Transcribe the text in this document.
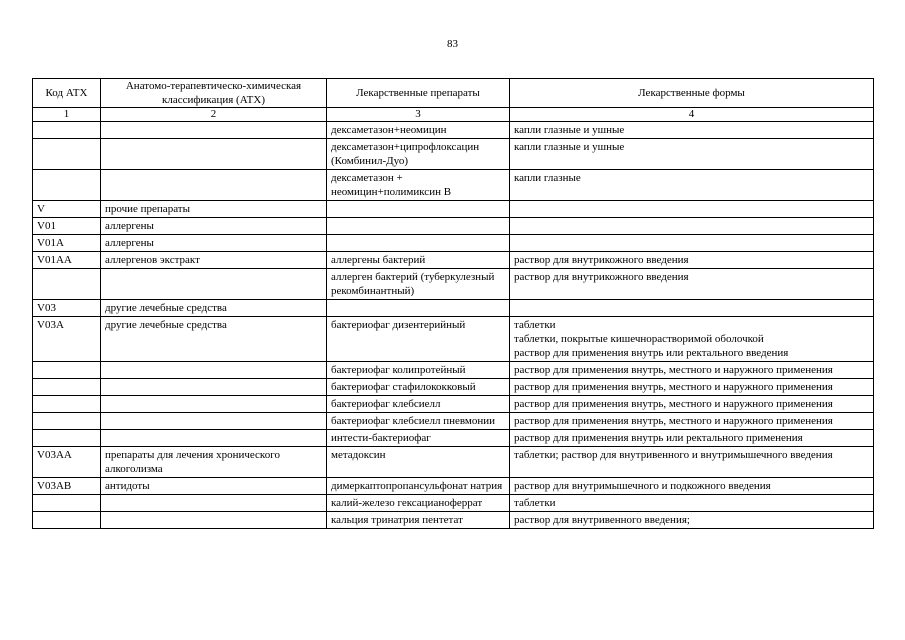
83
Код АТХ	Анатомо-терапевтическо-химическая классификация (АТХ)	Лекарственные препараты	Лекарственные формы
1	2	3	4
		дексаметазон+неомицин	капли глазные и ушные

		дексаметазон+ципрофлоксацин (Комбинил-Дуо)	капли глазные и ушные

		дексаметазон + неомицин+полимиксин В	капли глазные

V	прочие препараты		

V01	аллергены		

V01A	аллергены		

V01AA	аллергенов экстракт	аллергены бактерий	раствор для внутрикожного введения

		аллерген бактерий (туберкулезный рекомбинантный)	раствор для внутрикожного введения

V03	другие лечебные средства		

V03A	другие лечебные средства	бактериофаг дизентерийный	таблетки
таблетки, покрытые кишечнорастворимой оболочкой
раствор для применения внутрь или ректального введения

		бактериофаг колипротейный	раствор для применения внутрь, местного и наружного применения

		бактериофаг стафилококковый	раствор для применения внутрь, местного и наружного применения

		бактериофаг клебсиелл	раствор для применения внутрь, местного и наружного применения

		бактериофаг клебсиелл пневмонии	раствор для применения внутрь, местного и наружного применения

		интести-бактериофаг	раствор для применения внутрь или ректального применения

V03AA	препараты для лечения хронического алкоголизма	метадоксин	таблетки; раствор для внутривенного и внутримышечного введения

V03AB	антидоты	димеркаптопропансульфонат натрия	раствор для внутримышечного и подкожного введения

		калий-железо гексацианоферрат	таблетки

		кальция тринатрия пентетат	раствор для внутривенного введения;
